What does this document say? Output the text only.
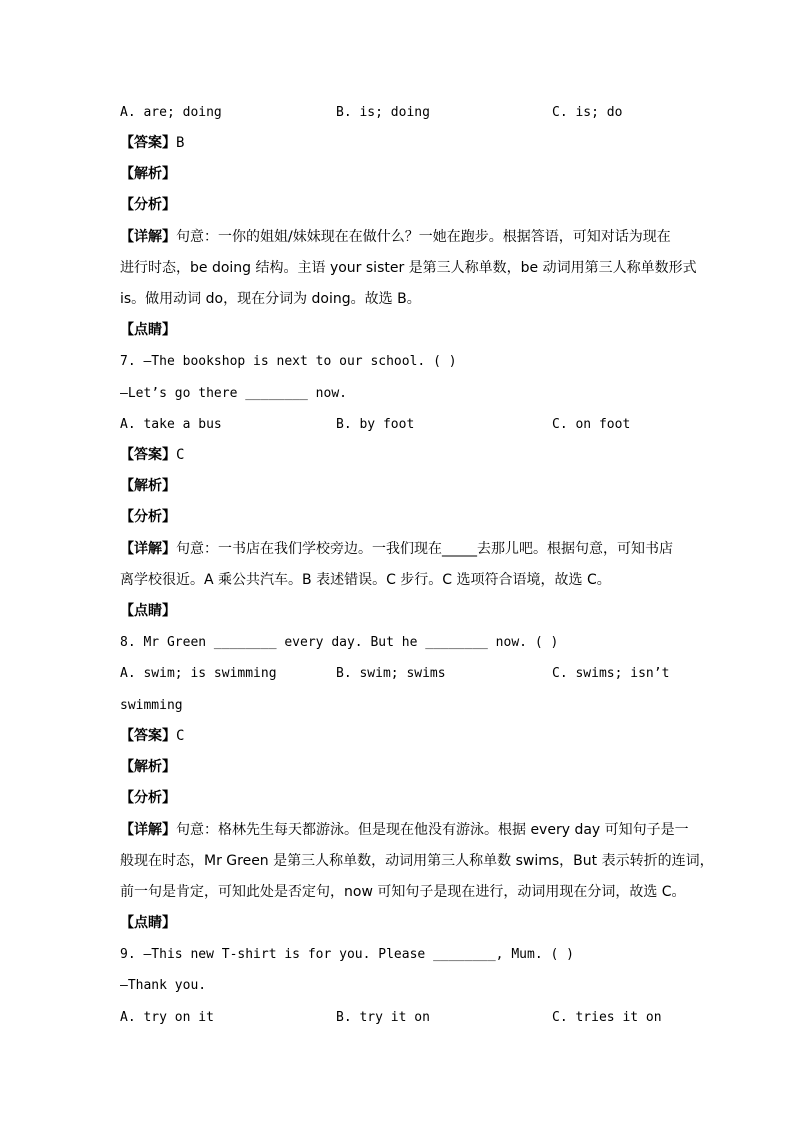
A. are; doing	B. is; doing	C. is; do
【答案】B
【解析】
【分析】
【详解】句意：一你的姐姐/妹妹现在在做什么？一她在跑步。根据答语，可知对话为现在
进行时态，be doing 结构。主语 your sister 是第三人称单数，be 动词用第三人称单数形式
is。做用动词 do，现在分词为 doing。故选 B。
【点睛】
7. —The bookshop is next to our school. ( )
—Let’s go there ________ now.
A. take a bus	B. by foot	C. on foot
【答案】C
【解析】
【分析】
【详解】句意：一书店在我们学校旁边。一我们现在_____去那儿吧。根据句意，可知书店
离学校很近。A 乘公共汽车。B 表述错误。C 步行。C 选项符合语境，故选 C。
【点睛】
8. Mr Green ________ every day. But he ________ now. ( )
A. swim; is swimming	B. swim; swims	C. swims; isn’t
swimming
【答案】C
【解析】
【分析】
【详解】句意：格林先生每天都游泳。但是现在他没有游泳。根据 every day 可知句子是一
般现在时态，Mr Green 是第三人称单数，动词用第三人称单数 swims，But 表示转折的连词，
前一句是肯定，可知此处是否定句，now 可知句子是现在进行，动词用现在分词，故选 C。
【点睛】
9. —This new T-shirt is for you. Please ________, Mum. ( )
—Thank you.
A. try on it	B. try it on	C. tries it on
